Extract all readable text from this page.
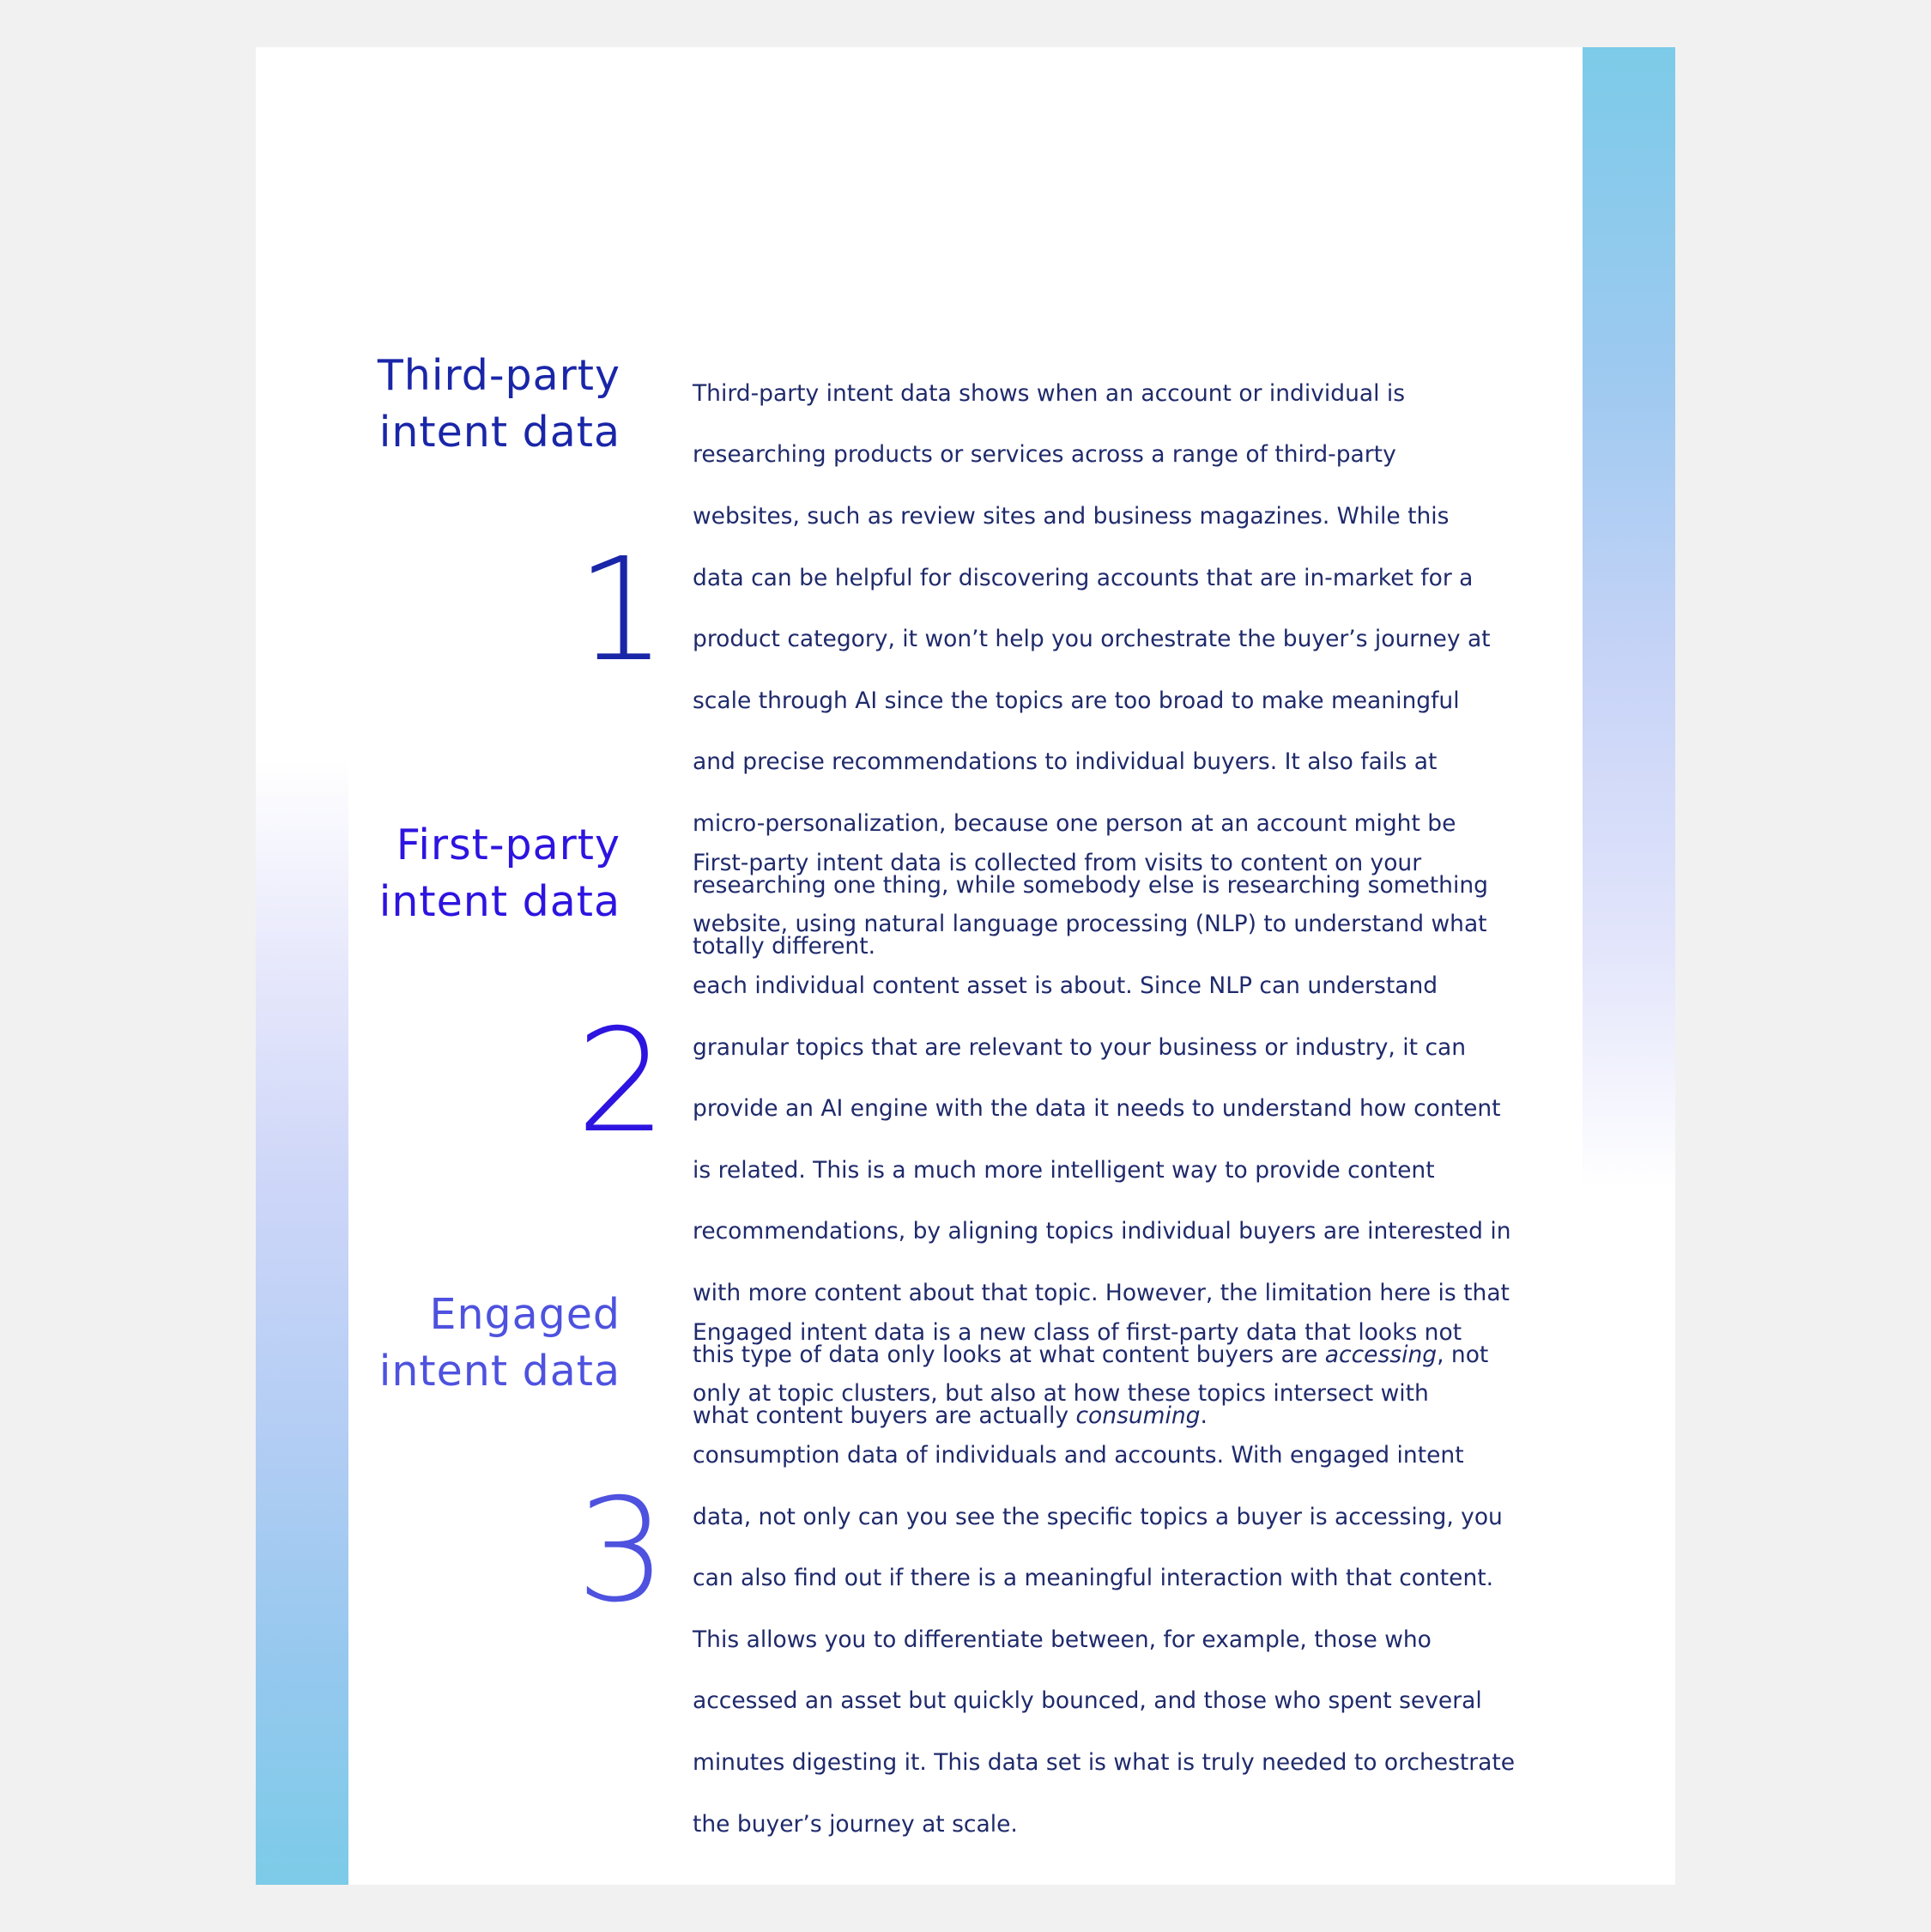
Third-party
intent data
1

Third-party intent data shows when an account or individual is

researching products or services across a range of third-party

websites, such as review sites and business magazines. While this

data can be helpful for discovering accounts that are in-market for a

product category, it won’t help you orchestrate the buyer’s journey at

scale through AI since the topics are too broad to make meaningful

and precise recommendations to individual buyers. It also fails at

micro-personalization, because one person at an account might be

researching one thing, while somebody else is researching something

totally different.

First-party
intent data
2

First-party intent data is collected from visits to content on your

website, using natural language processing (NLP) to understand what

each individual content asset is about. Since NLP can understand

granular topics that are relevant to your business or industry, it can

provide an AI engine with the data it needs to understand how content

is related. This is a much more intelligent way to provide content

recommendations, by aligning topics individual buyers are interested in

with more content about that topic. However, the limitation here is that

this type of data only looks at what content buyers are accessing, not

what content buyers are actually consuming.

Engaged
intent data
3

Engaged intent data is a new class of first-party data that looks not

only at topic clusters, but also at how these topics intersect with

consumption data of individuals and accounts. With engaged intent

data, not only can you see the specific topics a buyer is accessing, you

can also find out if there is a meaningful interaction with that content.

This allows you to differentiate between, for example, those who

accessed an asset but quickly bounced, and those who spent several

minutes digesting it. This data set is what is truly needed to orchestrate

the buyer’s journey at scale.
